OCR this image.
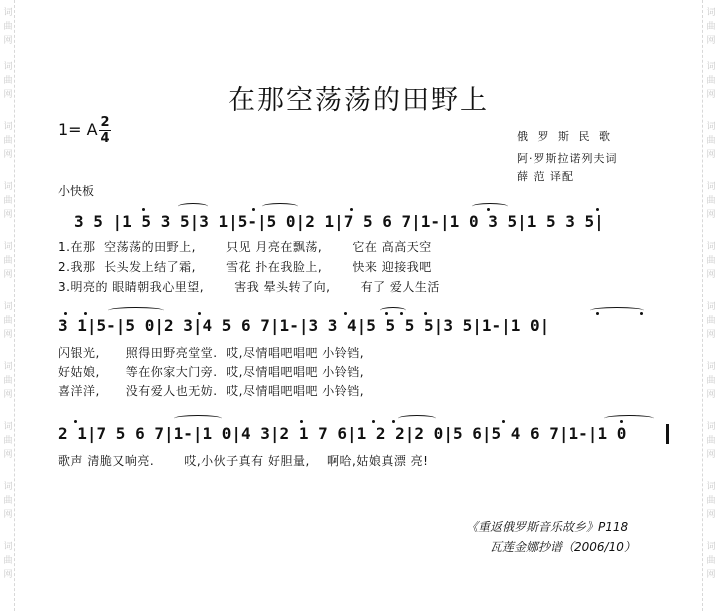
词
曲
网
词
曲
网
词
曲
网
词
曲
网
词
曲
网
词
曲
网
词
曲
网
词
曲
网
词
曲
网
词
曲
网
词
曲
网
词
曲
网
词
曲
网
词
曲
网
词
曲
网
词
曲
网
词
曲
网
词
曲
网
词
曲
网
词
曲
网
在那空荡荡的田野上
1= A 2
4	俄 罗 斯 民 歌
阿·罗斯拉诺列夫词
薛 范 译配
小快板
3 5 |1 5 3 5|3 1|5-|5 0|2 1|7 5 6 7|1-|1 0 3 5|1 5 3 5|
1.在那  空荡荡的田野上,       只见 月亮在飘荡,       它在 高高天空
2.我那  长头发上结了霜,       雪花 扑在我脸上,       快来 迎接我吧
3.明亮的 眼睛朝我心里望,       害我 晕头转了向,       有了 爱人生活
3 1|5-|5 0|2 3|4 5 6 7|1-|3 3 4|5 5 5 5|3 5|1-|1 0|
闪银光,      照得田野亮堂堂.  哎,尽情唱吧唱吧 小铃铛,
好姑娘,      等在你家大门旁.  哎,尽情唱吧唱吧 小铃铛,
喜洋洋,      没有爱人也无妨.  哎,尽情唱吧唱吧 小铃铛,
2 1|7 5 6 7|1-|1 0|4 3|2 1 7 6|1 2 2|2 0|5 6|5 4 6 7|1-|1 0
歌声 清脆又响亮.       哎,小伙子真有 好胆量,    啊哈,姑娘真漂 亮!
《重返俄罗斯音乐故乡》P118
瓦莲金娜抄谱（2006/10）
